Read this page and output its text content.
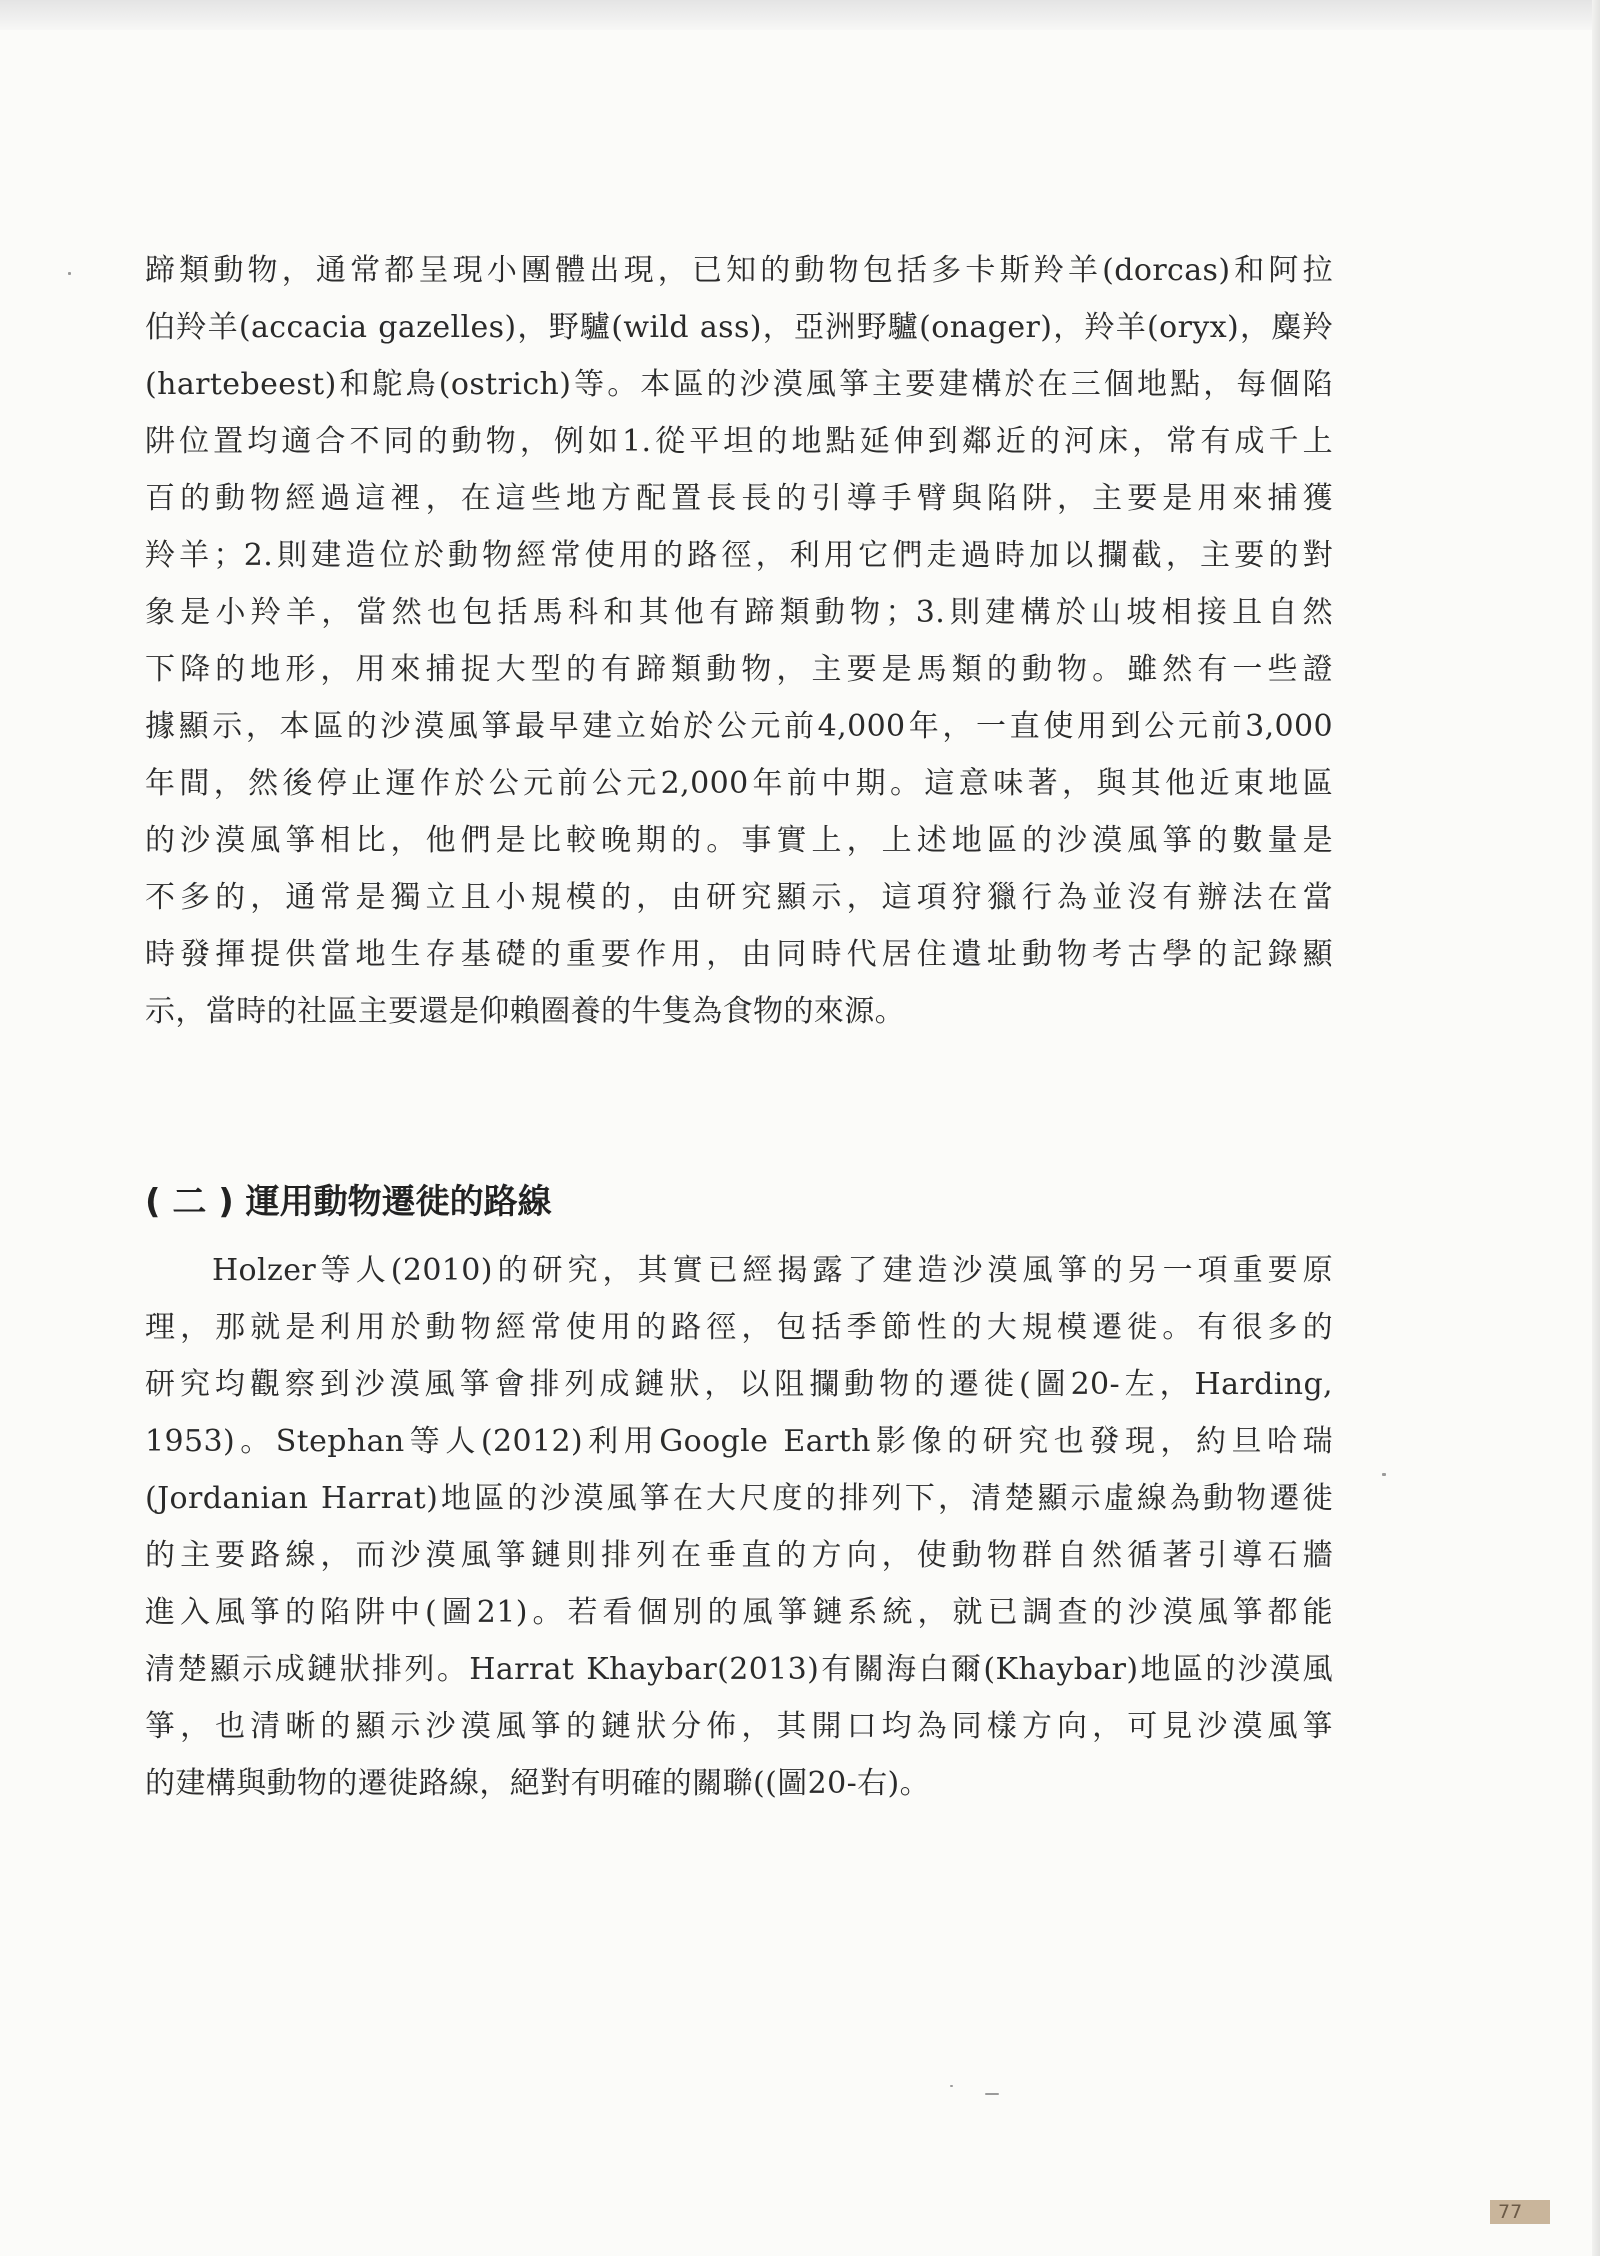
蹄類動物，通常都呈現小團體出現，已知的動物包括多卡斯羚羊(dorcas)和阿拉

伯羚羊(accacia gazelles)，野驢(wild ass)，亞洲野驢(onager)，羚羊(oryx)，麋羚

(hartebeest)和鴕鳥(ostrich)等。本區的沙漠風箏主要建構於在三個地點，每個陷

阱位置均適合不同的動物，例如1.從平坦的地點延伸到鄰近的河床，常有成千上

百的動物經過這裡，在這些地方配置長長的引導手臂與陷阱，主要是用來捕獲

羚羊；2.則建造位於動物經常使用的路徑，利用它們走過時加以攔截，主要的對

象是小羚羊，當然也包括馬科和其他有蹄類動物；3.則建構於山坡相接且自然

下降的地形，用來捕捉大型的有蹄類動物，主要是馬類的動物。雖然有一些證

據顯示，本區的沙漠風箏最早建立始於公元前4,000年，一直使用到公元前3,000

年間，然後停止運作於公元前公元2,000年前中期。這意味著，與其他近東地區

的沙漠風箏相比，他們是比較晚期的。事實上，上述地區的沙漠風箏的數量是

不多的，通常是獨立且小規模的，由研究顯示，這項狩獵行為並沒有辦法在當

時發揮提供當地生存基礎的重要作用，由同時代居住遺址動物考古學的記錄顯

示，當時的社區主要還是仰賴圈養的牛隻為食物的來源。

( 二 ) 運用動物遷徙的路線

Holzer等人(2010)的研究，其實已經揭露了建造沙漠風箏的另一項重要原

理，那就是利用於動物經常使用的路徑，包括季節性的大規模遷徙。有很多的

研究均觀察到沙漠風箏會排列成鏈狀，以阻攔動物的遷徙(圖20-左，Harding,

1953)。Stephan等人(2012)利用Google Earth影像的研究也發現，約旦哈瑞

(Jordanian Harrat)地區的沙漠風箏在大尺度的排列下，清楚顯示虛線為動物遷徙

的主要路線，而沙漠風箏鏈則排列在垂直的方向，使動物群自然循著引導石牆

進入風箏的陷阱中(圖21)。若看個別的風箏鏈系統，就已調查的沙漠風箏都能

清楚顯示成鏈狀排列。Harrat Khaybar(2013)有關海白爾(Khaybar)地區的沙漠風

箏，也清晰的顯示沙漠風箏的鏈狀分佈，其開口均為同樣方向，可見沙漠風箏

的建構與動物的遷徙路線，絕對有明確的關聯((圖20-右)。

77
